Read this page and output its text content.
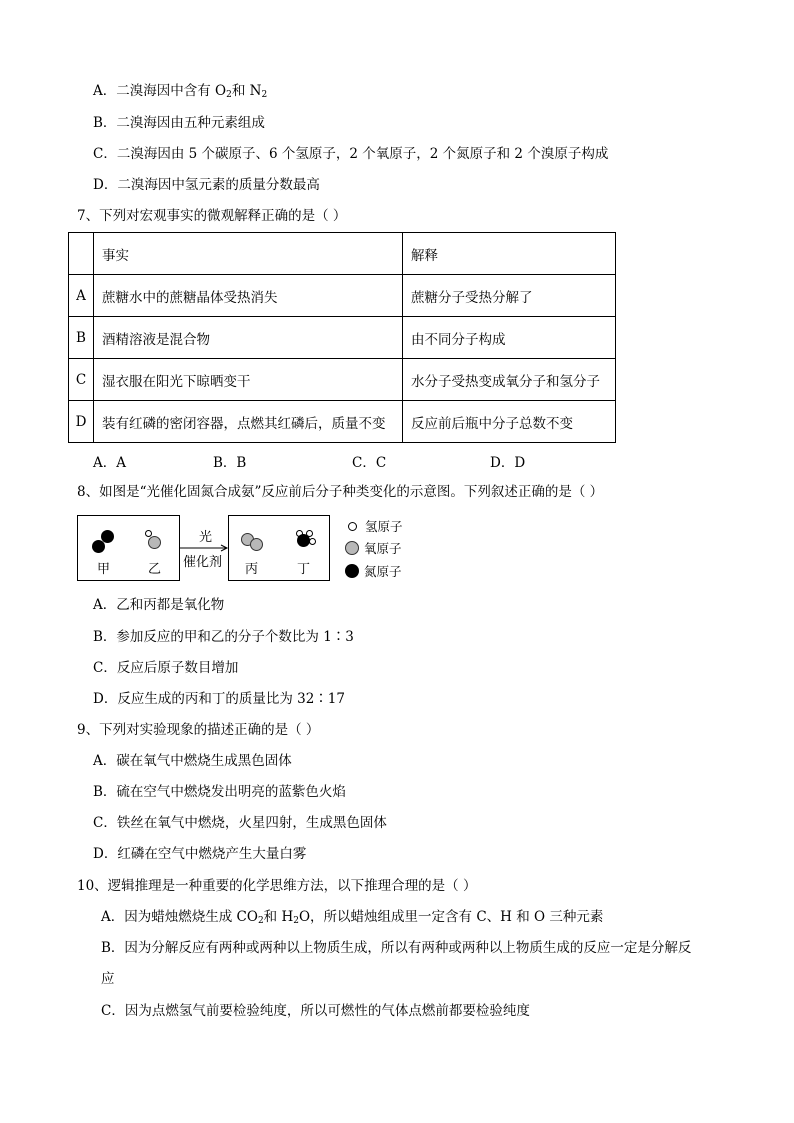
A．二溴海因中含有 $O_2$和 $N_2$
B．二溴海因由五种元素组成
C．二溴海因由 5 个碳原子、6 个氢原子，2 个氧原子，2 个氮原子和 2 个溴原子构成
D．二溴海因中氢元素的质量分数最高
7、下列对宏观事实的微观解释正确的是（ ）
	事实	解释
A	蔗糖水中的蔗糖晶体受热消失	蔗糖分子受热分解了
B	酒精溶液是混合物	由不同分子构成
C	湿衣服在阳光下晾晒变干	水分子受热变成氧分子和氢分子
D	装有红磷的密闭容器，点燃其红磷后，质量不变	反应前后瓶中分子总数不变
A．A	B．B	C．C	D．D
8、如图是“光催化固氮合成氨”反应前后分子种类变化的示意图。下列叙述正确的是（ ）
甲	乙
光
催化剂 丙	丁
氢原子
氧原子
氮原子
A．乙和丙都是氧化物
B．参加反应的甲和乙的分子个数比为 1∶3
C．反应后原子数目增加
D．反应生成的丙和丁的质量比为 32∶17
9、下列对实验现象的描述正确的是（ ）
A．碳在氧气中燃烧生成黑色固体
B．硫在空气中燃烧发出明亮的蓝紫色火焰
C．铁丝在氧气中燃烧，火星四射，生成黑色固体
D．红磷在空气中燃烧产生大量白雾
10、逻辑推理是一种重要的化学思维方法，以下推理合理的是（ ）
A．因为蜡烛燃烧生成 $CO_2$和 $H_2O$，所以蜡烛组成里一定含有 C、H 和 O 三种元素
B．因为分解反应有两种或两种以上物质生成，所以有两种或两种以上物质生成的反应一定是分解反
应
C．因为点燃氢气前要检验纯度，所以可燃性的气体点燃前都要检验纯度
